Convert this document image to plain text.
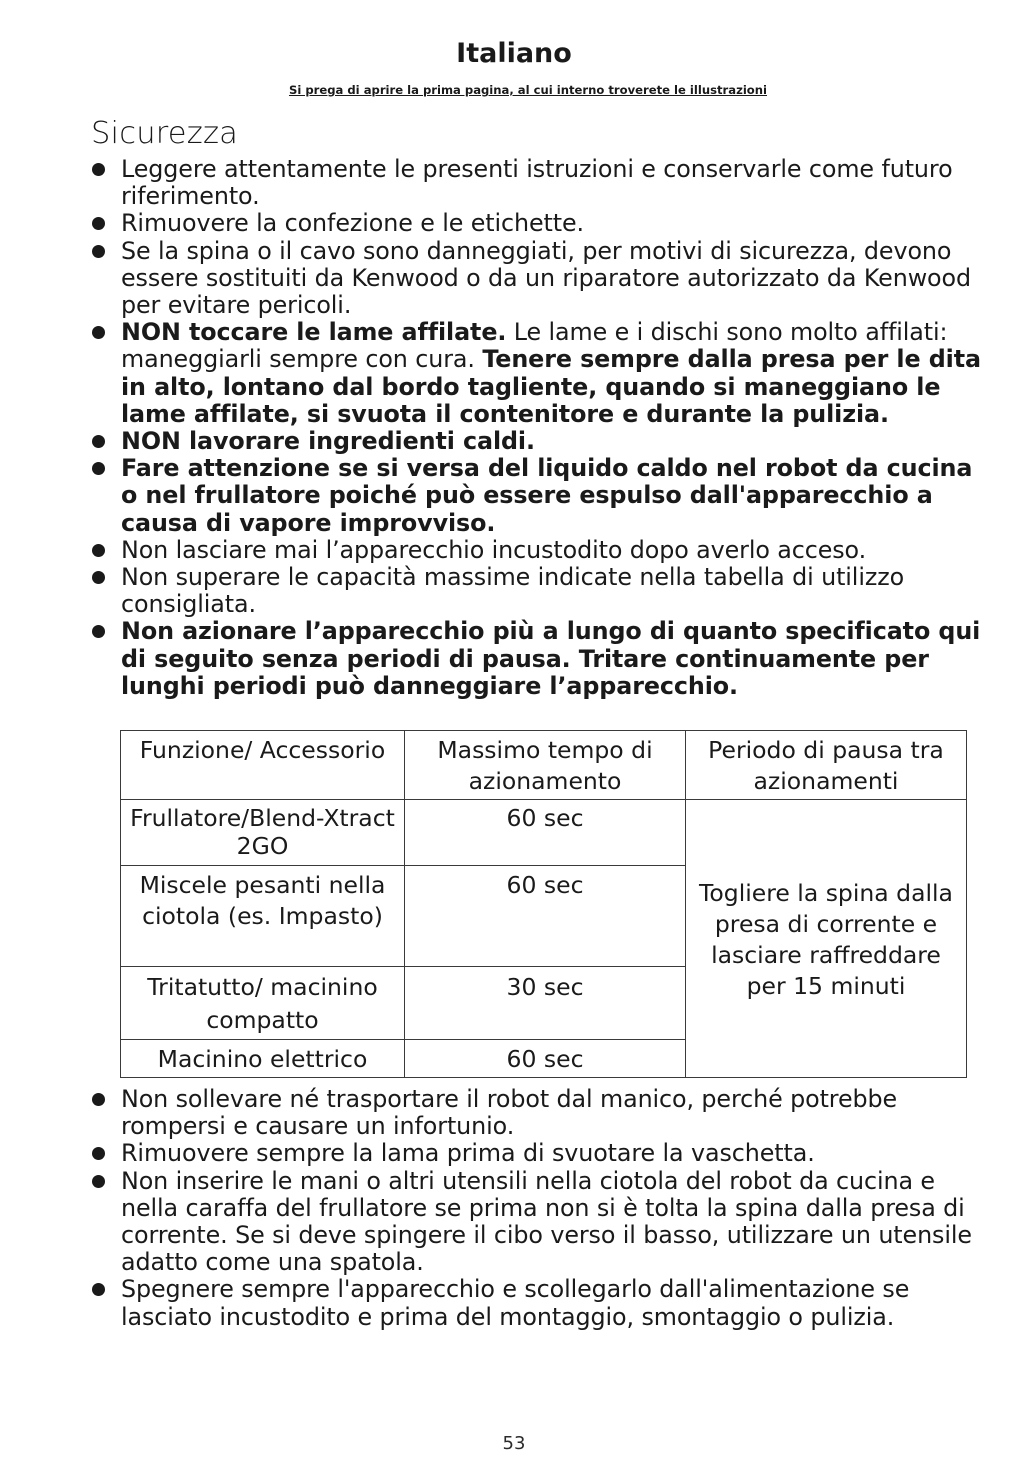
Italiano
Si prega di aprire la prima pagina, al cui interno troverete le illustrazioni
Sicurezza
Leggere attentamente le presenti istruzioni e conservarle come futuro riferimento.
Rimuovere la confezione e le etichette.
Se la spina o il cavo sono danneggiati, per motivi di sicurezza, devono essere sostituiti da Kenwood o da un riparatore autorizzato da Kenwood per evitare pericoli.
NON toccare le lame affilate. Le lame e i dischi sono molto affilati: maneggiarli sempre con cura. Tenere sempre dalla presa per le dita in alto, lontano dal bordo tagliente, quando si maneggiano le lame affilate, si svuota il contenitore e durante la pulizia.
NON lavorare ingredienti caldi.
Fare attenzione se si versa del liquido caldo nel robot da cucina o nel frullatore poiché può essere espulso dall'apparecchio a causa di vapore improvviso.
Non lasciare mai l’apparecchio incustodito dopo averlo acceso.
Non superare le capacità massime indicate nella tabella di utilizzo consigliata.
Non azionare l’apparecchio più a lungo di quanto specificato qui di seguito senza periodi di pausa. Tritare continuamente per lunghi periodi può danneggiare l’apparecchio.
Funzione/ Accessorio	Massimo tempo di azionamento	Periodo di pausa tra azionamenti
Frullatore/Blend-Xtract 2GO	60 sec	Togliere la spina dalla presa di corrente e lasciare raffreddare per 15 minuti
Miscele pesanti nella ciotola (es. Impasto)	60 sec	
Tritatutto/ macinino compatto	30 sec	
Macinino elettrico	60 sec	
Non sollevare né trasportare il robot dal manico, perché potrebbe rompersi e causare un infortunio.
Rimuovere sempre la lama prima di svuotare la vaschetta.
Non inserire le mani o altri utensili nella ciotola del robot da cucina e nella caraffa del frullatore se prima non si è tolta la spina dalla presa di corrente. Se si deve spingere il cibo verso il basso, utilizzare un utensile adatto come una spatola.
Spegnere sempre l'apparecchio e scollegarlo dall'alimentazione se lasciato incustodito e prima del montaggio, smontaggio o pulizia.
53
